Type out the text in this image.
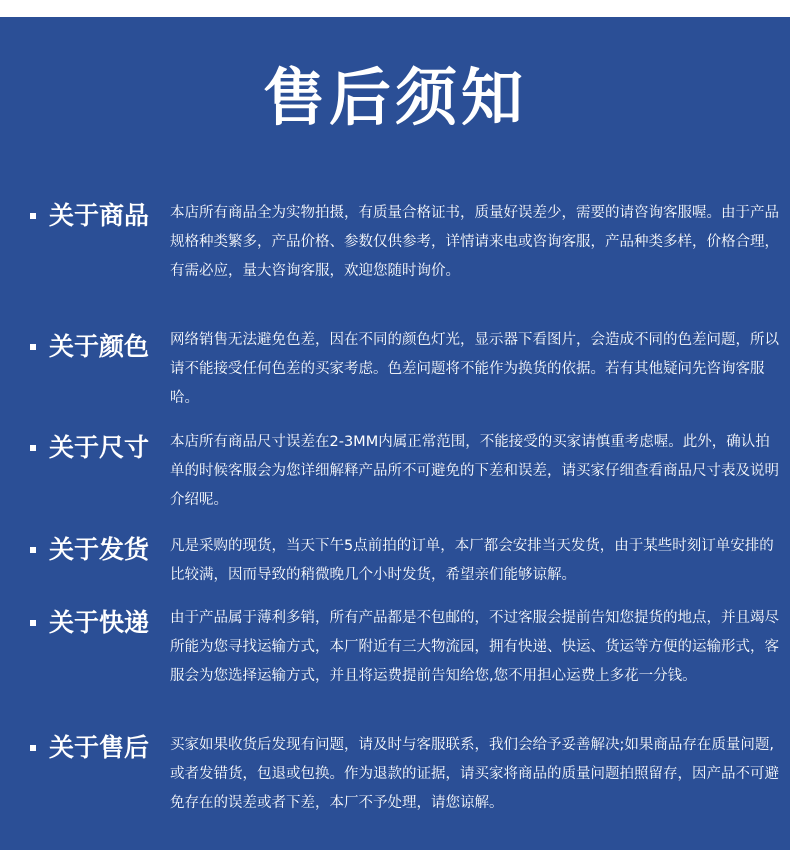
售后须知
关于商品 本店所有商品全为实物拍摄，有质量合格证书，质量好误差少，需要的请咨询客服喔。由于产品规格种类繁多，产品价格、参数仅供参考，详情请来电或咨询客服，产品种类多样，价格合理，有需必应，量大咨询客服，欢迎您随时询价。

关于颜色 网络销售无法避免色差，因在不同的颜色灯光，显示器下看图片，会造成不同的色差问题，所以请不能接受任何色差的买家考虑。色差问题将不能作为换货的依据。若有其他疑问先咨询客服哈。

关于尺寸 本店所有商品尺寸误差在2-3MM内属正常范围，不能接受的买家请慎重考虑喔。此外，确认拍单的时候客服会为您详细解释产品所不可避免的下差和误差，请买家仔细查看商品尺寸表及说明介绍呢。

关于发货 凡是采购的现货，当天下午5点前拍的订单，本厂都会安排当天发货，由于某些时刻订单安排的比较满，因而导致的稍微晚几个小时发货，希望亲们能够谅解。

关于快递 由于产品属于薄利多销，所有产品都是不包邮的，不过客服会提前告知您提货的地点，并且竭尽所能为您寻找运输方式，本厂附近有三大物流园，拥有快递、快运、货运等方便的运输形式，客服会为您选择运输方式，并且将运费提前告知给您,您不用担心运费上多花一分钱。

关于售后 买家如果收货后发现有问题，请及时与客服联系，我们会给予妥善解决;如果商品存在质量问题,或者发错货，包退或包换。作为退款的证据，请买家将商品的质量问题拍照留存，因产品不可避免存在的误差或者下差，本厂不予处理，请您谅解。
